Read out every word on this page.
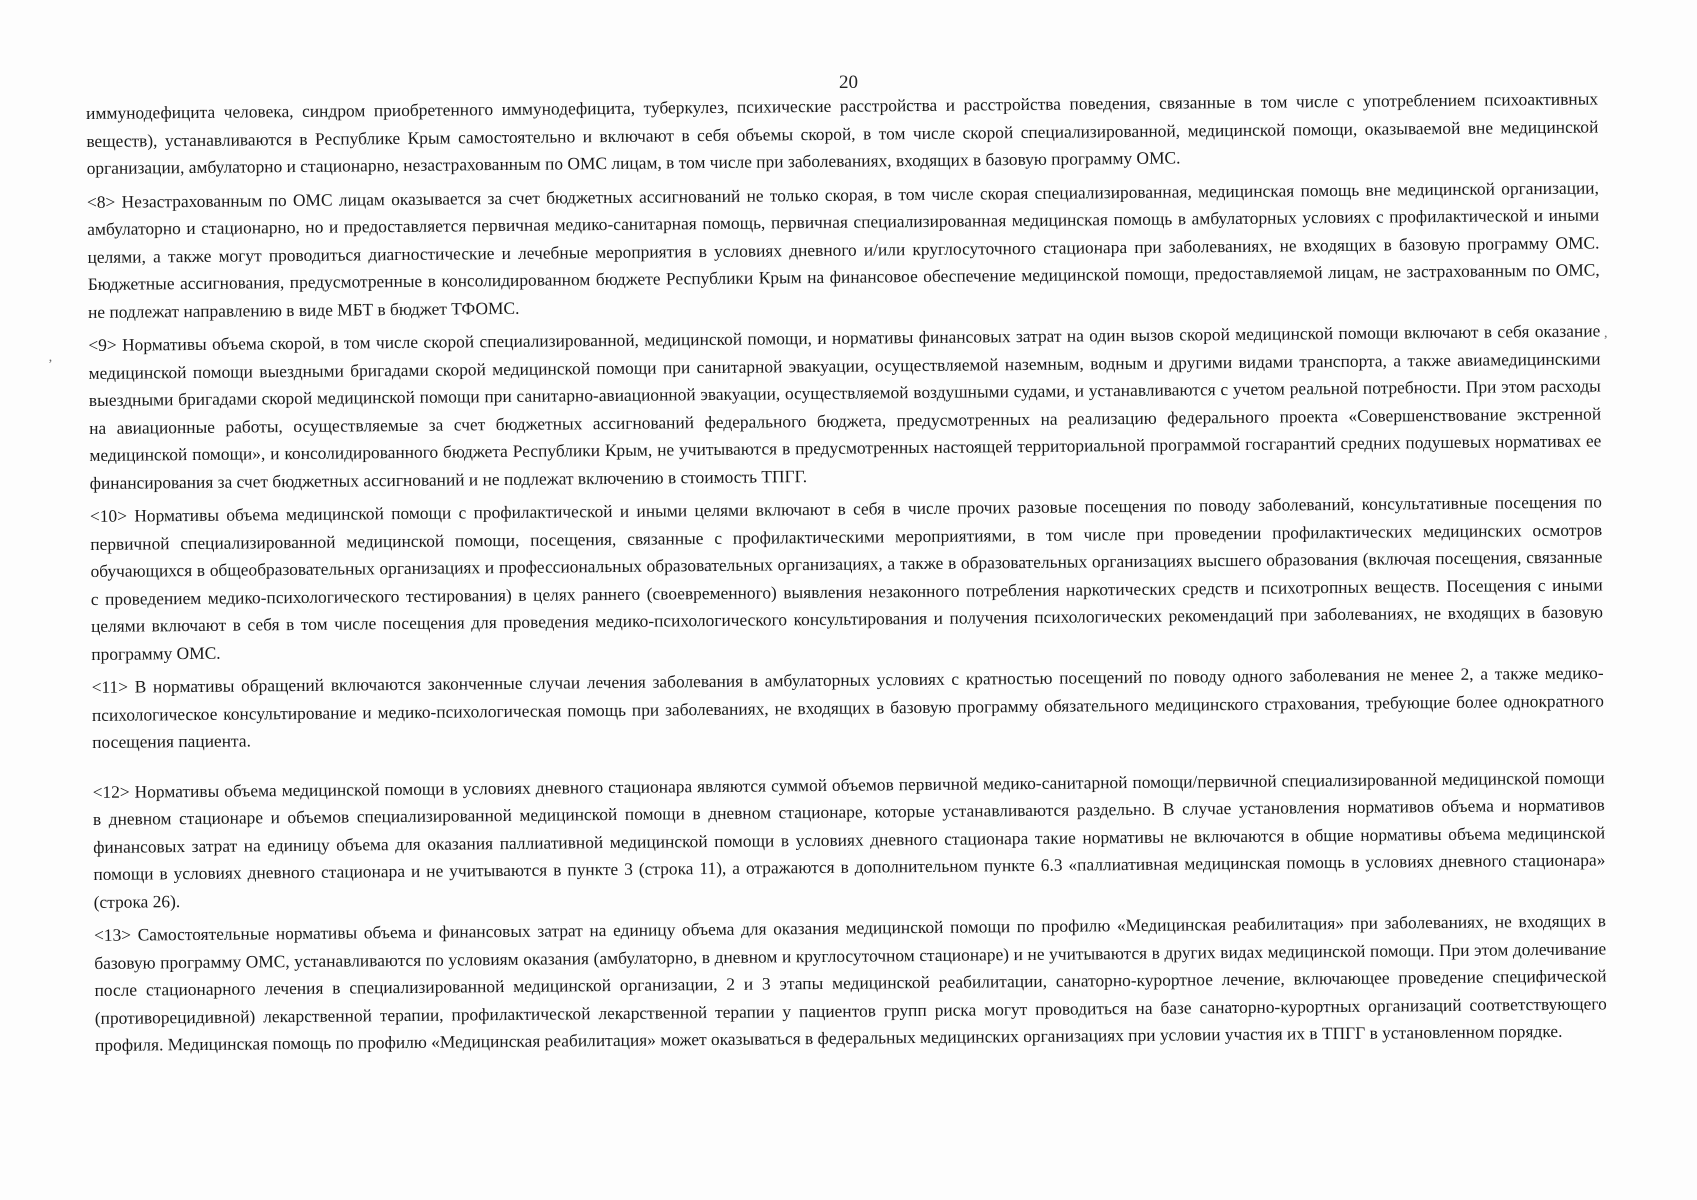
20
‚
,

иммунодефицита человека, синдром приобретенного иммунодефицита, туберкулез, психические расстройства и расстройства поведения, связанные в том числе с употреблением психоактивных веществ), устанавливаются в Республике Крым самостоятельно и включают в себя объемы скорой, в том числе скорой специализированной, медицинской помощи, оказываемой вне медицинской организации, амбулаторно и стационарно, незастрахованным по ОМС лицам, в том числе при заболеваниях, входящих в базовую программу ОМС.

<8> Незастрахованным по ОМС лицам оказывается за счет бюджетных ассигнований не только скорая, в том числе скорая специализированная, медицинская помощь вне медицинской организации, амбулаторно и стационарно, но и предоставляется первичная медико-санитарная помощь, первичная специализированная медицинская помощь в амбулаторных условиях с профилактической и иными целями, а также могут проводиться диагностические и лечебные мероприятия в условиях дневного и/или круглосуточного стационара при заболеваниях, не входящих в базовую программу ОМС. Бюджетные ассигнования, предусмотренные в консолидированном бюджете Республики Крым на финансовое обеспечение медицинской помощи, предоставляемой лицам, не застрахованным по ОМС, не подлежат направлению в виде МБТ в бюджет ТФОМС.

<9> Нормативы объема скорой, в том числе скорой специализированной, медицинской помощи, и нормативы финансовых затрат на один вызов скорой медицинской помощи включают в себя оказание медицинской помощи выездными бригадами скорой медицинской помощи при санитарной эвакуации, осуществляемой наземным, водным и другими видами транспорта, а также авиамедицинскими выездными бригадами скорой медицинской помощи при санитарно-авиационной эвакуации, осуществляемой воздушными судами, и устанавливаются с учетом реальной потребности. При этом расходы на авиационные работы, осуществляемые за счет бюджетных ассигнований федерального бюджета, предусмотренных на реализацию федерального проекта «Совершенствование экстренной медицинской помощи», и консолидированного бюджета Республики Крым, не учитываются в предусмотренных настоящей территориальной программой госгарантий средних подушевых нормативах ее финансирования за счет бюджетных ассигнований и не подлежат включению в стоимость ТПГГ.

<10> Нормативы объема медицинской помощи с профилактической и иными целями включают в себя в числе прочих разовые посещения по поводу заболеваний, консультативные посещения по первичной специализированной медицинской помощи, посещения, связанные с профилактическими мероприятиями, в том числе при проведении профилактических медицинских осмотров обучающихся в общеобразовательных организациях и профессиональных образовательных организациях, а также в образовательных организациях высшего образования (включая посещения, связанные с проведением медико-психологического тестирования) в целях раннего (своевременного) выявления незаконного потребления наркотических средств и психотропных веществ. Посещения с иными целями включают в себя в том числе посещения для проведения медико-психологического консультирования и получения психологических рекомендаций при заболеваниях, не входящих в базовую программу ОМС.

<11> В нормативы обращений включаются законченные случаи лечения заболевания в амбулаторных условиях с кратностью посещений по поводу одного заболевания не менее 2, а также медико-психологическое консультирование и медико-психологическая помощь при заболеваниях, не входящих в базовую программу обязательного медицинского страхования, требующие более однократного посещения пациента.

<12> Нормативы объема медицинской помощи в условиях дневного стационара являются суммой объемов первичной медико-санитарной помощи/первичной специализированной медицинской помощи в дневном стационаре и объемов специализированной медицинской помощи в дневном стационаре, которые устанавливаются раздельно. В случае установления нормативов объема и нормативов финансовых затрат на единицу объема для оказания паллиативной медицинской помощи в условиях дневного стационара такие нормативы не включаются в общие нормативы объема медицинской помощи в условиях дневного стационара и не учитываются в пункте 3 (строка 11), а отражаются в дополнительном пункте 6.3 «паллиативная медицинская помощь в условиях дневного стационара» (строка 26).

<13> Самостоятельные нормативы объема и финансовых затрат на единицу объема для оказания медицинской помощи по профилю «Медицинская реабилитация» при заболеваниях, не входящих в базовую программу ОМС, устанавливаются по условиям оказания (амбулаторно, в дневном и круглосуточном стационаре) и не учитываются в других видах медицинской помощи. При этом долечивание после стационарного лечения в специализированной медицинской организации, 2 и 3 этапы медицинской реабилитации, санаторно-курортное лечение, включающее проведение специфической (противорецидивной) лекарственной терапии, профилактической лекарственной терапии у пациентов групп риска могут проводиться на базе санаторно-курортных организаций соответствующего профиля. Медицинская помощь по профилю «Медицинская реабилитация» может оказываться в федеральных медицинских организациях при условии участия их в ТПГГ в установленном порядке.
